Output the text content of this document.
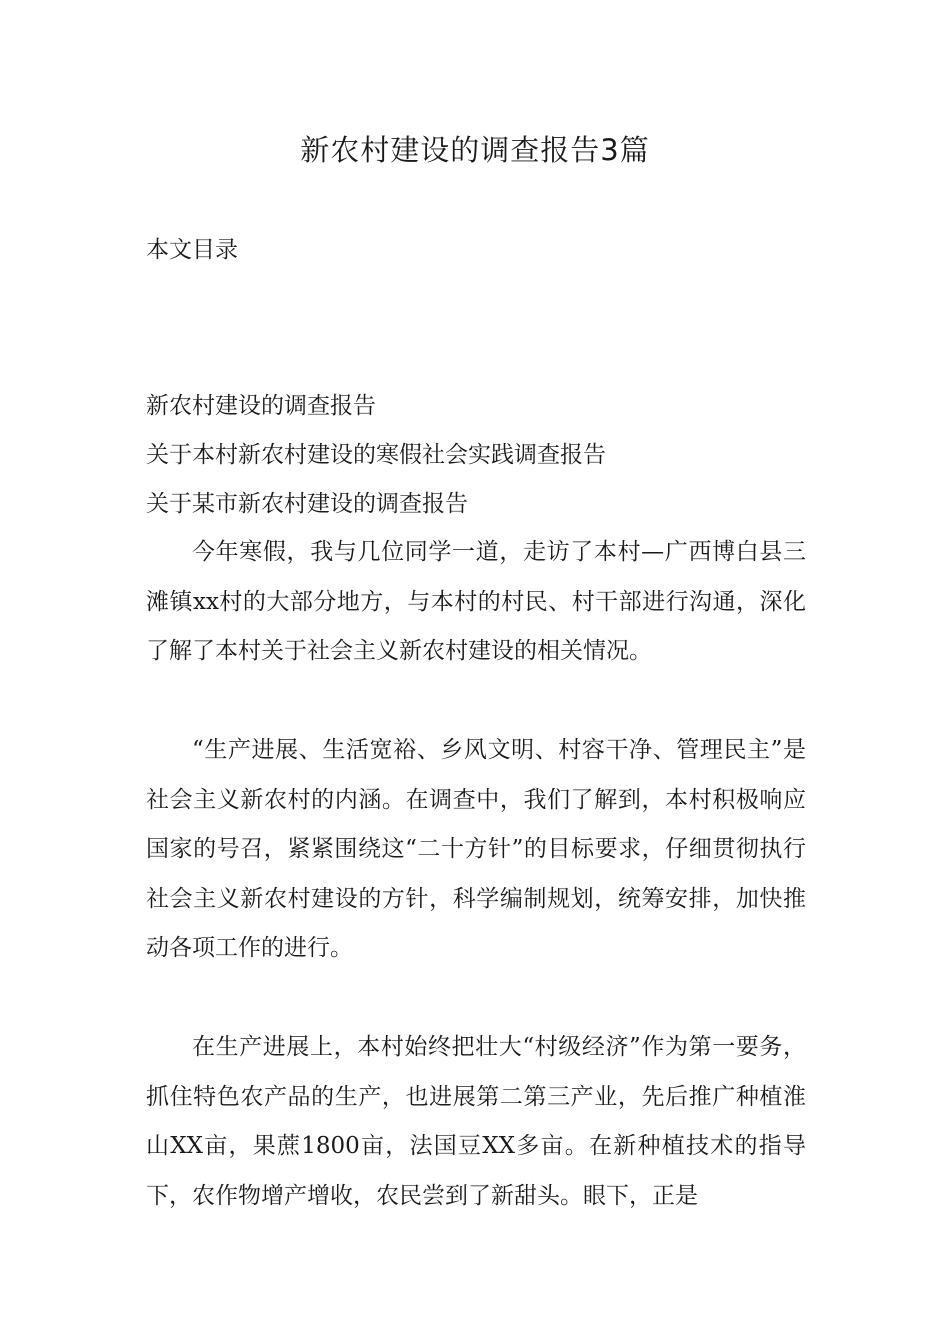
新农村建设的调查报告3篇
本文目录
新农村建设的调查报告
关于本村新农村建设的寒假社会实践调查报告
关于某市新农村建设的调查报告

今年寒假，我与几位同学一道，走访了本村—广西博白县三滩镇xx村的大部分地方，与本村的村民、村干部进行沟通，深化了解了本村关于社会主义新农村建设的相关情况。

“生产进展、生活宽裕、乡风文明、村容干净、管理民主”是社会主义新农村的内涵。在调查中，我们了解到，本村积极响应国家的号召，紧紧围绕这“二十方针”的目标要求，仔细贯彻执行社会主义新农村建设的方针，科学编制规划，统筹安排，加快推动各项工作的进行。

在生产进展上，本村始终把壮大“村级经济”作为第一要务，抓住特色农产品的生产，也进展第二第三产业，先后推广种植淮山XX亩，果蔗1800亩，法国豆XX多亩。在新种植技术的指导下，农作物增产增收，农民尝到了新甜头。眼下，正是
